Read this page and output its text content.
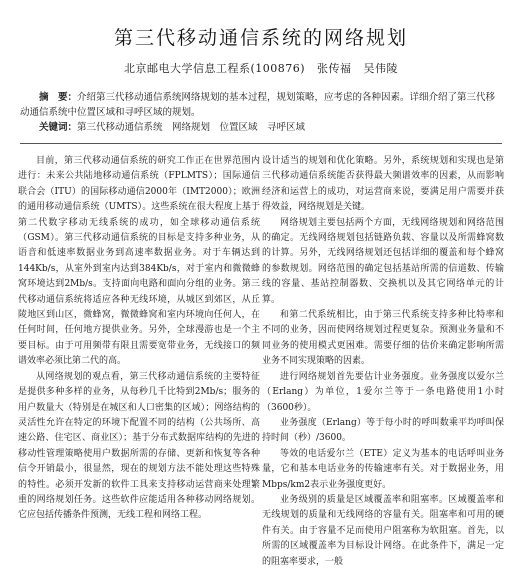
第三代移动通信系统的网络规划
北京邮电大学信息工程系(100876) 张传福 吴伟陵
摘　要：介绍第三代移动通信系统网络规划的基本过程，规划策略，应考虑的各种因素。详细介绍了第三代移动通信系统中位置区域和寻呼区域的规划。
关键词：第三代移动通信系统　网络规划　位置区域　寻呼区域

目前，第三代移动通信系统的研究工作正在世界范围内进行：未来公共陆地移动通信系统（FPLMTS）；国际通信联合会（ITU）的国际移动通信2000年（IMT2000）；欧洲的通用移动通信系统（UMTS）。这些系统在很大程度上基于第二代数字移动无线系统的成功，如全球移动通信系统（GSM）。第三代移动通信系统的目标是支持多种业务，从语音和低速率数据业务到高速率数据业务。对于车辆达到144Kb/s，从室外到室内达到384Kb/s，对于室内和微微蜂窝环境达到2Mb/s。支持面向电路和面向分组的业务。第三代移动通信系统将适应各种无线环境，从城区到郊区，从丘陵地区到山区，微蜂窝，微微蜂窝和室内环境向任何人，在任何时间，任何地方提供业务。另外，全球漫游也是一个主要目标。由于可用频带有限且需要宽带业务，无线接口的频谱效率必须比第二代的高。

从网络规划的观点看，第三代移动通信系统的主要特征是提供多种多样的业务，从每秒几千比特到2Mb/s；服务的用户数量大（特别是在城区和人口密集的区域）；网络结构的灵活性允许在特定的环境下配置不同的结构（公共场所、高速公路、住宅区、商业区）；基于分布式数据库结构的先进的移动性管理策略使用户数据所需的存储、更新和恢复等各种信令开销最小，很显然，现在的规划方法不能处理这些特殊的特性。必须开发新的软件工具来支持移动运营商来处理繁重的网络规划任务。这些软件应能适用各种移动网络规划。它应包括传播条件预测，无线工程和网络工程。

设计适当的规划和优化策略。另外，系统规划和实现也是第三代移动通信系统能否获得最大频谱效率的因素，从而影响经济和运营上的成功，对运营商来说，要满足用户需要并获得效益，网络规划是关键。

网络规划主要包括两个方面，无线网络规划和网络范围的确定。无线网络规划包括链路负载、容量以及所需蜂窝数的计算。另外，无线网络规划还包括详细的覆盖和每个蜂窝的参数规划。网络范围的确定包括基站所需的信道数、传输线的容量、基站控制器数、交换机以及其它网络单元的计算。

和第二代系统相比，由于第三代系统支持多种比特率和不同的业务，因而使网络规划过程更复杂。预测业务量和不同业务的使用模式更困难。需要仔细的估价来确定影响所需业务不同实现策略的因素。

进行网络规划首先要估计业务强度。业务强度以爱尔兰（Erlang）为单位，1爱尔兰等于一条电路使用1小时（3600秒）。

业务强度（Erlang）等于每小时的呼叫数乘平均呼叫保持时间（秒）/3600。

等效的电话爱尔兰（ETE）定义为基本的电话呼叫业务量，它和基本电话业务的传输速率有关。对于数据业务，用Mbps/km2表示业务强度更好。

业务级别的质量是区域覆盖率和阻塞率。区域覆盖率和无线规划的质量和无线网络的容量有关。阻塞率和可用的硬件有关。由于容量不足而使用户阻塞称为软阻塞。首先，以所需的区域覆盖率为目标设计网络。在此条件下，满足一定的阻塞率要求，一般
